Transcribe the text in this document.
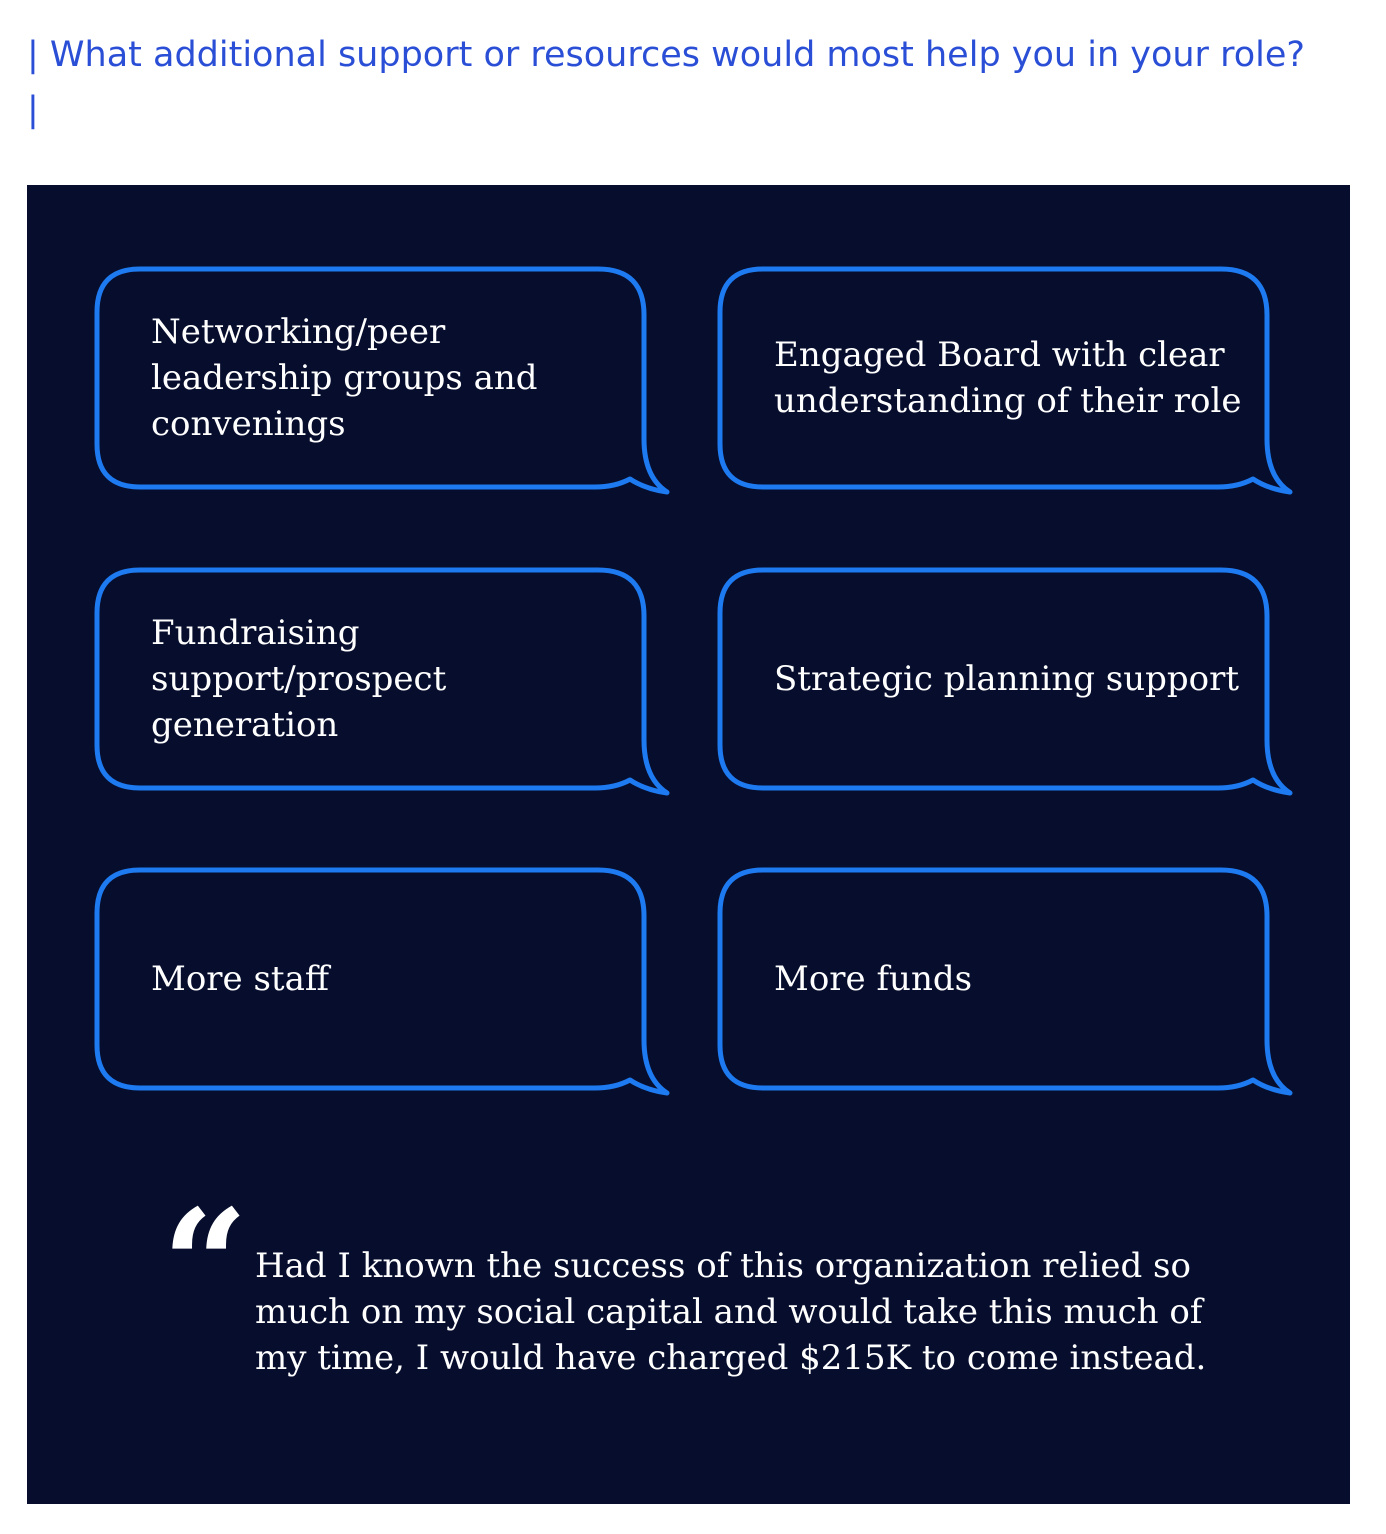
| What additional support or resources would most help you in your role? |
Networking/peer leadership groups and convenings
Engaged Board with clear understanding of their role
Fundraising support/prospect generation
Strategic planning support
More staff	More funds
“ Had I known the success of this organization relied so much on my social capital and would take this much of my time, I would have charged $215K to come instead.
